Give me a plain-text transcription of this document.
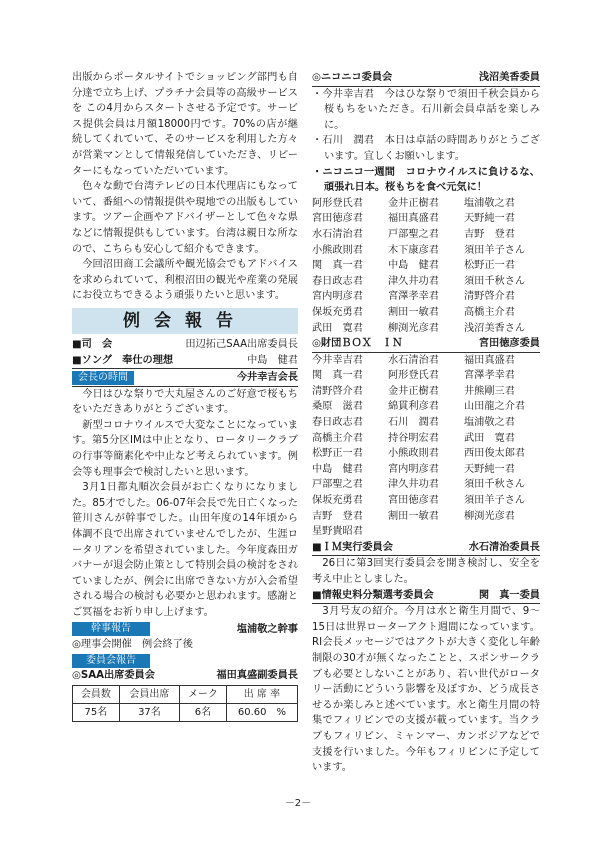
出版からポータルサイトでショッピング部門も自分達で立ち上げ、プラチナ会員等の高級サービスを この4月からスタートさせる予定です。サービス提供会員は月額18000円です。70%の店が継続してくれていて、そのサービスを利用した方々が営業マンとして情報発信していただき、リピーターにもなっていただいています。

色々な動で台湾テレビの日本代理店にもなっていて、番組への情報提供や現地での出版もしています。ツアー企画やアドバイザーとして色々な県などに情報提供もしています。台湾は親日な所なので、こちらも安心して紹介もできます。

今回沼田商工会議所や観光協会でもアドバイスを求められていて、利根沼田の観光や産業の発展にお役立ちできるよう頑張りたいと思います。

例会報告
■司　会	田辺拓己SAA出席委員長
■ソング　奉仕の理想	中島　健君
会長の時間	今井幸吉会長

今日はひな祭りで大丸屋さんのご好意で桜もちをいただきありがとうございます。

新型コロナウイルスで大変なことになっています。第5分区IMは中止となり、ロータリークラブの行事等簡素化や中止など考えられています。例会等も理事会で検討したいと思います。

3月1日都丸順次会員がお亡くなりになりました。85才でした。06-07年会長で先日亡くなった笹川さんが幹事でした。山田年度の14年頃から体調不良で出席されていませんでしたが、生涯ロータリアンを希望されていました。今年度森田ガバナーが退会防止策として特別会員の検討をされていましたが、例会に出席できない方が入会希望される場合の検討も必要かと思われます。感謝とご冥福をお祈り申し上げます。

幹事報告	塩浦敬之幹事

◎理事会開催　例会終了後

委員会報告
◎SAA出席委員会	福田真盛副委員長
会員数	会員出席	メーク	出 席 率
75名	37名	6名	60.60　%
◎ニコニコ委員会	浅沼美香委員

・今井幸吉君　今はひな祭りで須田千秋会員から桜もちをいただき。石川新会員卓話を楽しみに。

・石川　潤君　本日は卓話の時間ありがとうございます。宜しくお願いします。

・ニコニコ一週間　コロナウイルスに負けるな、頑張れ日本。桜もちを食べ元気に！

阿形登氏君	金井正樹君	塩浦敬之君
宮田徳彦君	福田真盛君	天野純一君
水石清治君	戸部聖之君	吉野　登君
小熊政則君	木下康彦君	須田羊子さん
関　真一君	中島　健君	松野正一君
春日政志君	津久井功君	須田千秋さん
宮内明彦君	宮澤孝幸君	清野啓介君
保坂充勇君	割田一敏君	高橋主介君
武田　寛君	柳渕光彦君	浅沼美香さん
◎財団ＢＯＸ　ＩＮ	宮田徳彦委員
今井幸吉君	水石清治君	福田真盛君
関　真一君	阿形登氏君	宮澤孝幸君
清野啓介君	金井正樹君	井熊剛三君
桑原　滋君	綿貫利彦君	山田龍之介君
春日政志君	石川　潤君	塩浦敬之君
高橋主介君	持谷明宏君	武田　寛君
松野正一君	小熊政則君	西田俊太郎君
中島　健君	宮内明彦君	天野純一君
戸部聖之君	津久井功君	須田千秋さん
保坂充勇君	宮田徳彦君	須田羊子さん
吉野　登君	割田一敏君	柳渕光彦君
星野貴昭君
■ＩＭ実行委員会	水石清治委員長

26日に第3回実行委員会を開き検討し、安全を考え中止としました。

■情報史料分類選考委員会	関　真一委員

3月号友の紹介。今月は水と衛生月間で、9～15日は世界ローターアクト週間になっています。RI会長メッセージではアクトが大きく変化し年齢制限の30才が無くなったことと、スポンサークラブも必要としないことがあり、若い世代がロータリー活動にどういう影響を及ぼすか、どう成長させるか楽しみと述べています。水と衛生月間の特集でフィリピンでの支援が載っています。当クラブもフィリピン、ミャンマー、カンボジアなどで支援を行いました。今年もフィリピンに予定しています。

－2－
